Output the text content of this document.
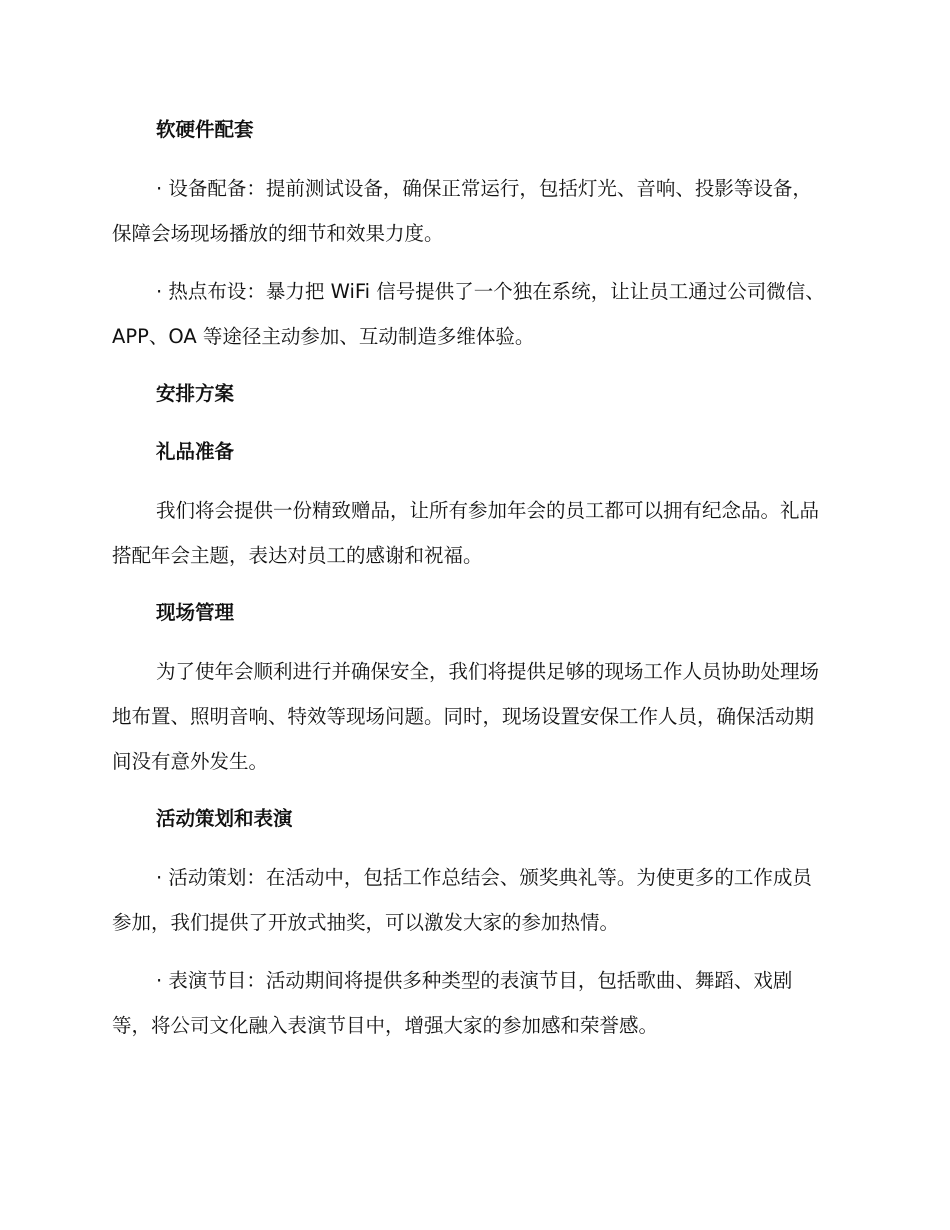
软硬件配套

· 设备配备：提前测试设备，确保正常运行，包括灯光、音响、投影等设备，保障会场现场播放的细节和效果力度。

· 热点布设：暴力把 WiFi 信号提供了一个独在系统，让让员工通过公司微信、APP、OA 等途径主动参加、互动制造多维体验。

安排方案
礼品准备

我们将会提供一份精致赠品，让所有参加年会的员工都可以拥有纪念品。礼品搭配年会主题，表达对员工的感谢和祝福。

现场管理

为了使年会顺利进行并确保安全，我们将提供足够的现场工作人员协助处理场地布置、照明音响、特效等现场问题。同时，现场设置安保工作人员，确保活动期间没有意外发生。

活动策划和表演

· 活动策划：在活动中，包括工作总结会、颁奖典礼等。为使更多的工作成员参加，我们提供了开放式抽奖，可以激发大家的参加热情。

· 表演节目：活动期间将提供多种类型的表演节目，包括歌曲、舞蹈、戏剧等，将公司文化融入表演节目中，增强大家的参加感和荣誉感。
